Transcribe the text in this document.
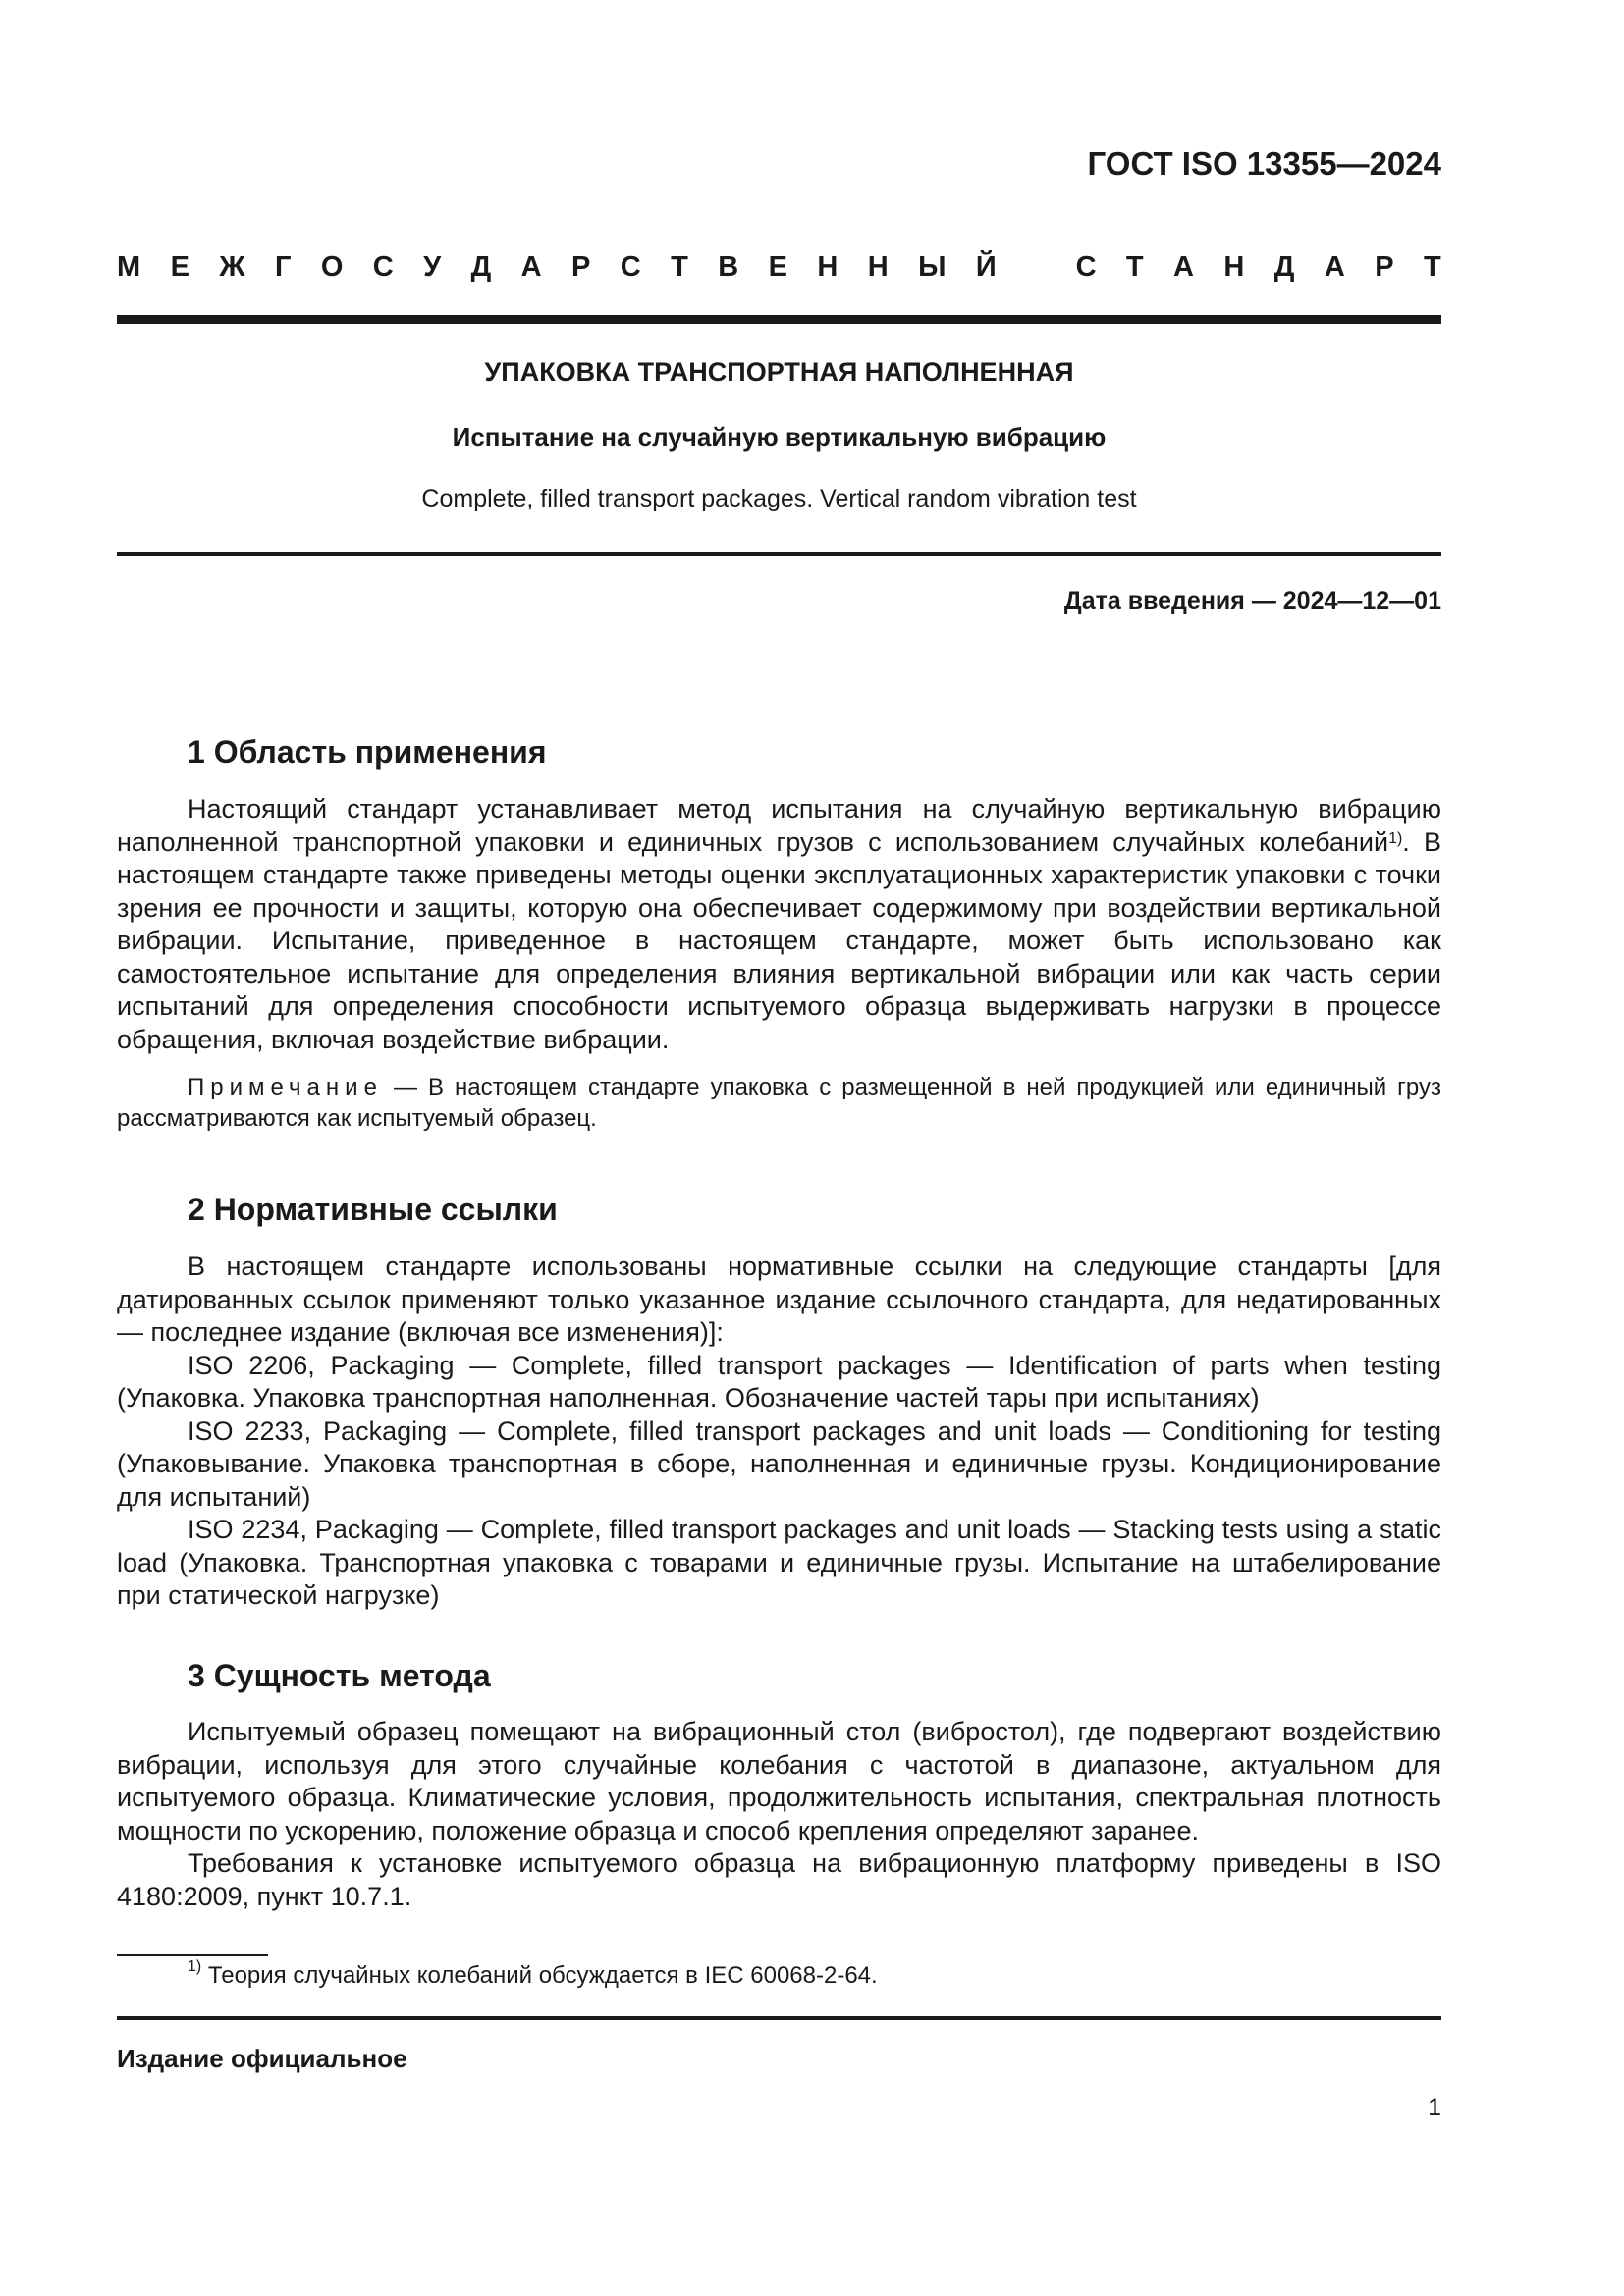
ГОСТ ISO 13355—2024
М Е Ж Г О С У Д А Р С Т В Е Н Н Ы Й	С Т А Н Д А Р Т
УПАКОВКА ТРАНСПОРТНАЯ НАПОЛНЕННАЯ
Испытание на случайную вертикальную вибрацию
Complete, filled transport packages. Vertical random vibration test
Дата введения — 2024—12—01
1 Область применения

Настоящий стандарт устанавливает метод испытания на случайную вертикальную вибрацию наполненной транспортной упаковки и единичных грузов с использованием случайных колебаний$^{1)}$. В настоящем стандарте также приведены методы оценки эксплуатационных характеристик упаковки с точки зрения ее прочности и защиты, которую она обеспечивает содержимому при воздействии вертикальной вибрации. Испытание, приведенное в настоящем стандарте, может быть использовано как самостоятельное испытание для определения влияния вертикальной вибрации или как часть серии испытаний для определения способности испытуемого образца выдерживать нагрузки в процессе обращения, включая воздействие вибрации.

Примечание — В настоящем стандарте упаковка с размещенной в ней продукцией или единичный груз рассматриваются как испытуемый образец.

2 Нормативные ссылки

В настоящем стандарте использованы нормативные ссылки на следующие стандарты [для датированных ссылок применяют только указанное издание ссылочного стандарта, для недатированных — последнее издание (включая все изменения)]:

ISO 2206, Packaging — Complete, filled transport packages — Identification of parts when testing (Упаковка. Упаковка транспортная наполненная. Обозначение частей тары при испытаниях)

ISO 2233, Packaging — Complete, filled transport packages and unit loads — Conditioning for testing (Упаковывание. Упаковка транспортная в сборе, наполненная и единичные грузы. Кондиционирование для испытаний)

ISO 2234, Packaging — Complete, filled transport packages and unit loads — Stacking tests using a static load (Упаковка. Транспортная упаковка с товарами и единичные грузы. Испытание на штабелирование при статической нагрузке)

3 Сущность метода

Испытуемый образец помещают на вибрационный стол (вибростол), где подвергают воздействию вибрации, используя для этого случайные колебания с частотой в диапазоне, актуальном для испытуемого образца. Климатические условия, продолжительность испытания, спектральная плотность мощности по ускорению, положение образца и способ крепления определяют заранее.

Требования к установке испытуемого образца на вибрационную платформу приведены в ISO 4180:2009, пункт 10.7.1.

$^{1)}$ Теория случайных колебаний обсуждается в IEC 60068-2-64.
Издание официальное
1
